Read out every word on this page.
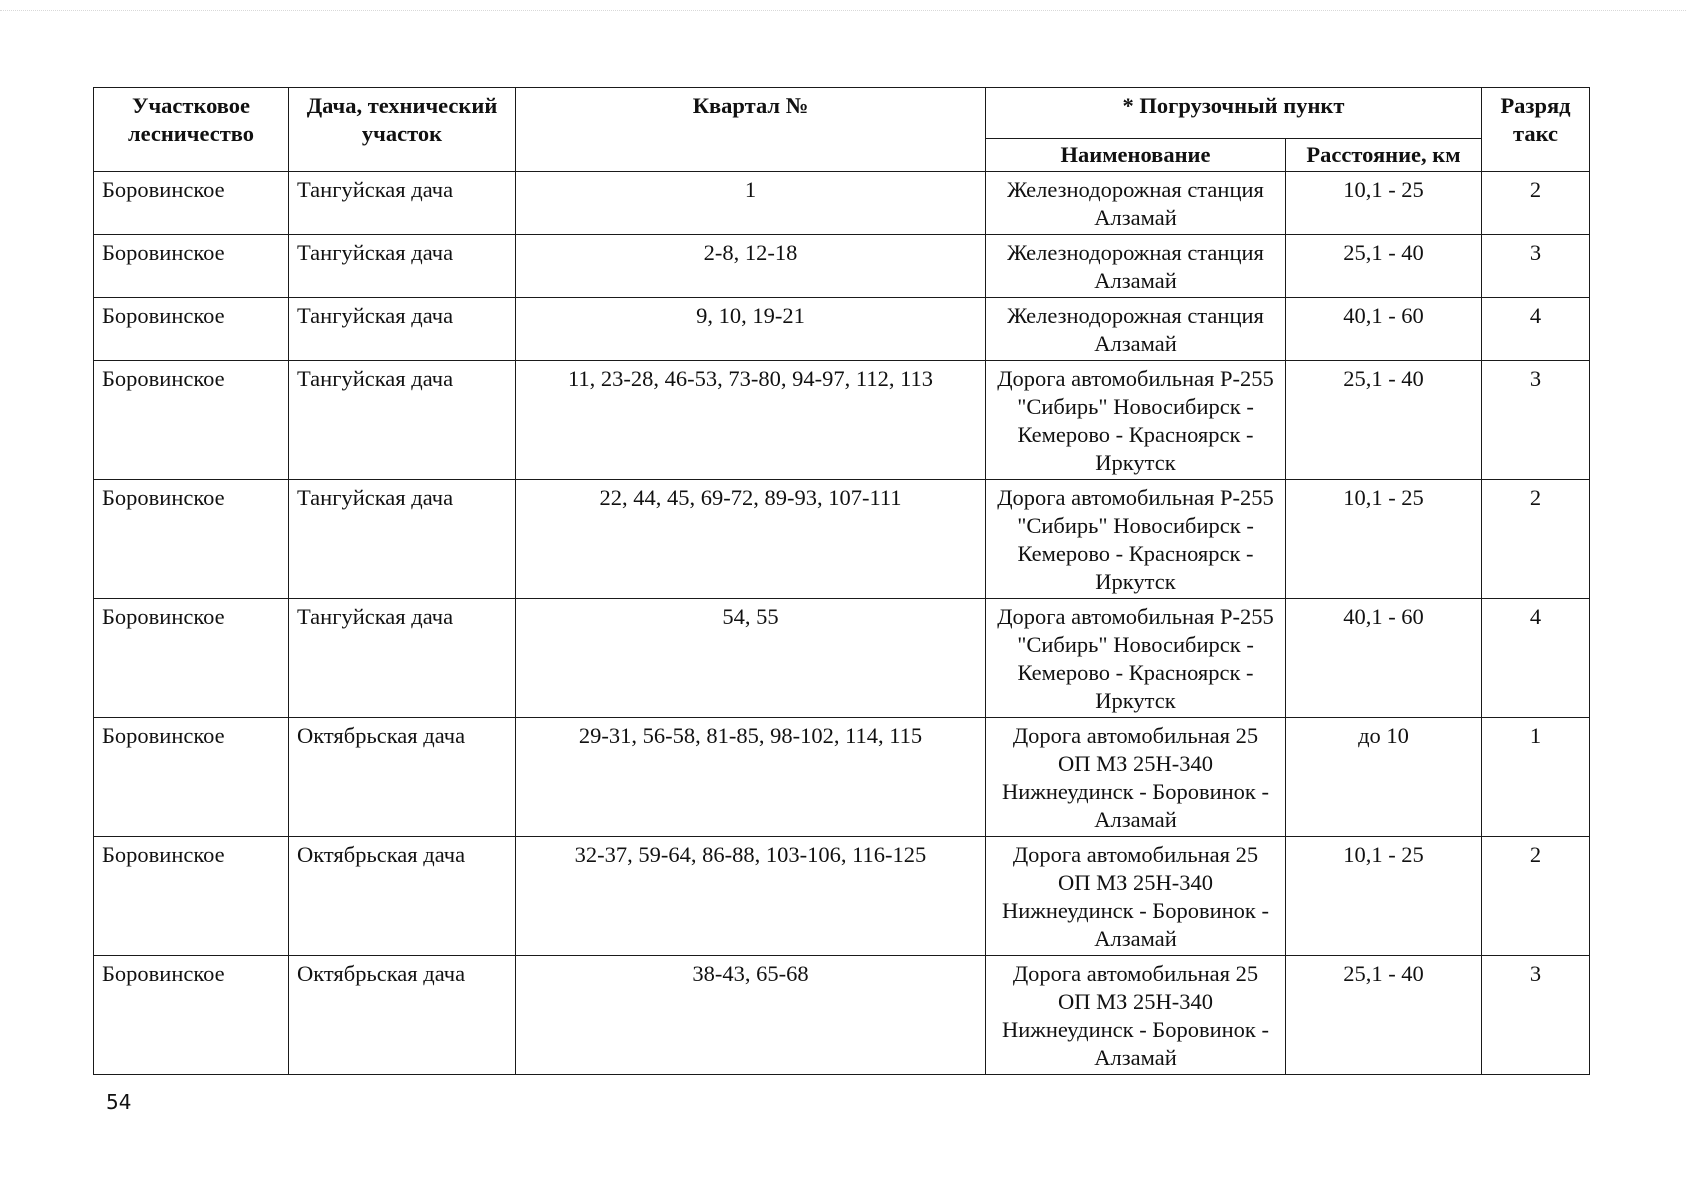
Участковое лесничество	Дача, технический участок	Квартал №	* Погрузочный пункт		Разряд такс
			Наименование	Расстояние, км	
Боровинское	Тангуйская дача	1	Железнодорожная станция Алзамай	10,1 - 25	2
Боровинское	Тангуйская дача	2-8, 12-18	Железнодорожная станция Алзамай	25,1 - 40	3
Боровинское	Тангуйская дача	9, 10, 19-21	Железнодорожная станция Алзамай	40,1 - 60	4
Боровинское	Тангуйская дача	11, 23-28, 46-53, 73-80, 94-97, 112, 113	Дорога автомобильная Р-255 "Сибирь" Новосибирск - Кемерово - Красноярск - Иркутск	25,1 - 40	3
Боровинское	Тангуйская дача	22, 44, 45, 69-72, 89-93, 107-111	Дорога автомобильная Р-255 "Сибирь" Новосибирск - Кемерово - Красноярск - Иркутск	10,1 - 25	2
Боровинское	Тангуйская дача	54, 55	Дорога автомобильная Р-255 "Сибирь" Новосибирск - Кемерово - Красноярск - Иркутск	40,1 - 60	4
Боровинское	Октябрьская дача	29-31, 56-58, 81-85, 98-102, 114, 115	Дорога автомобильная 25 ОП МЗ 25Н-340 Нижнеудинск - Боровинок - Алзамай	до 10	1
Боровинское	Октябрьская дача	32-37, 59-64, 86-88, 103-106, 116-125	Дорога автомобильная 25 ОП МЗ 25Н-340 Нижнеудинск - Боровинок - Алзамай	10,1 - 25	2
Боровинское	Октябрьская дача	38-43, 65-68	Дорога автомобильная 25 ОП МЗ 25Н-340 Нижнеудинск - Боровинок - Алзамай	25,1 - 40	3
54
